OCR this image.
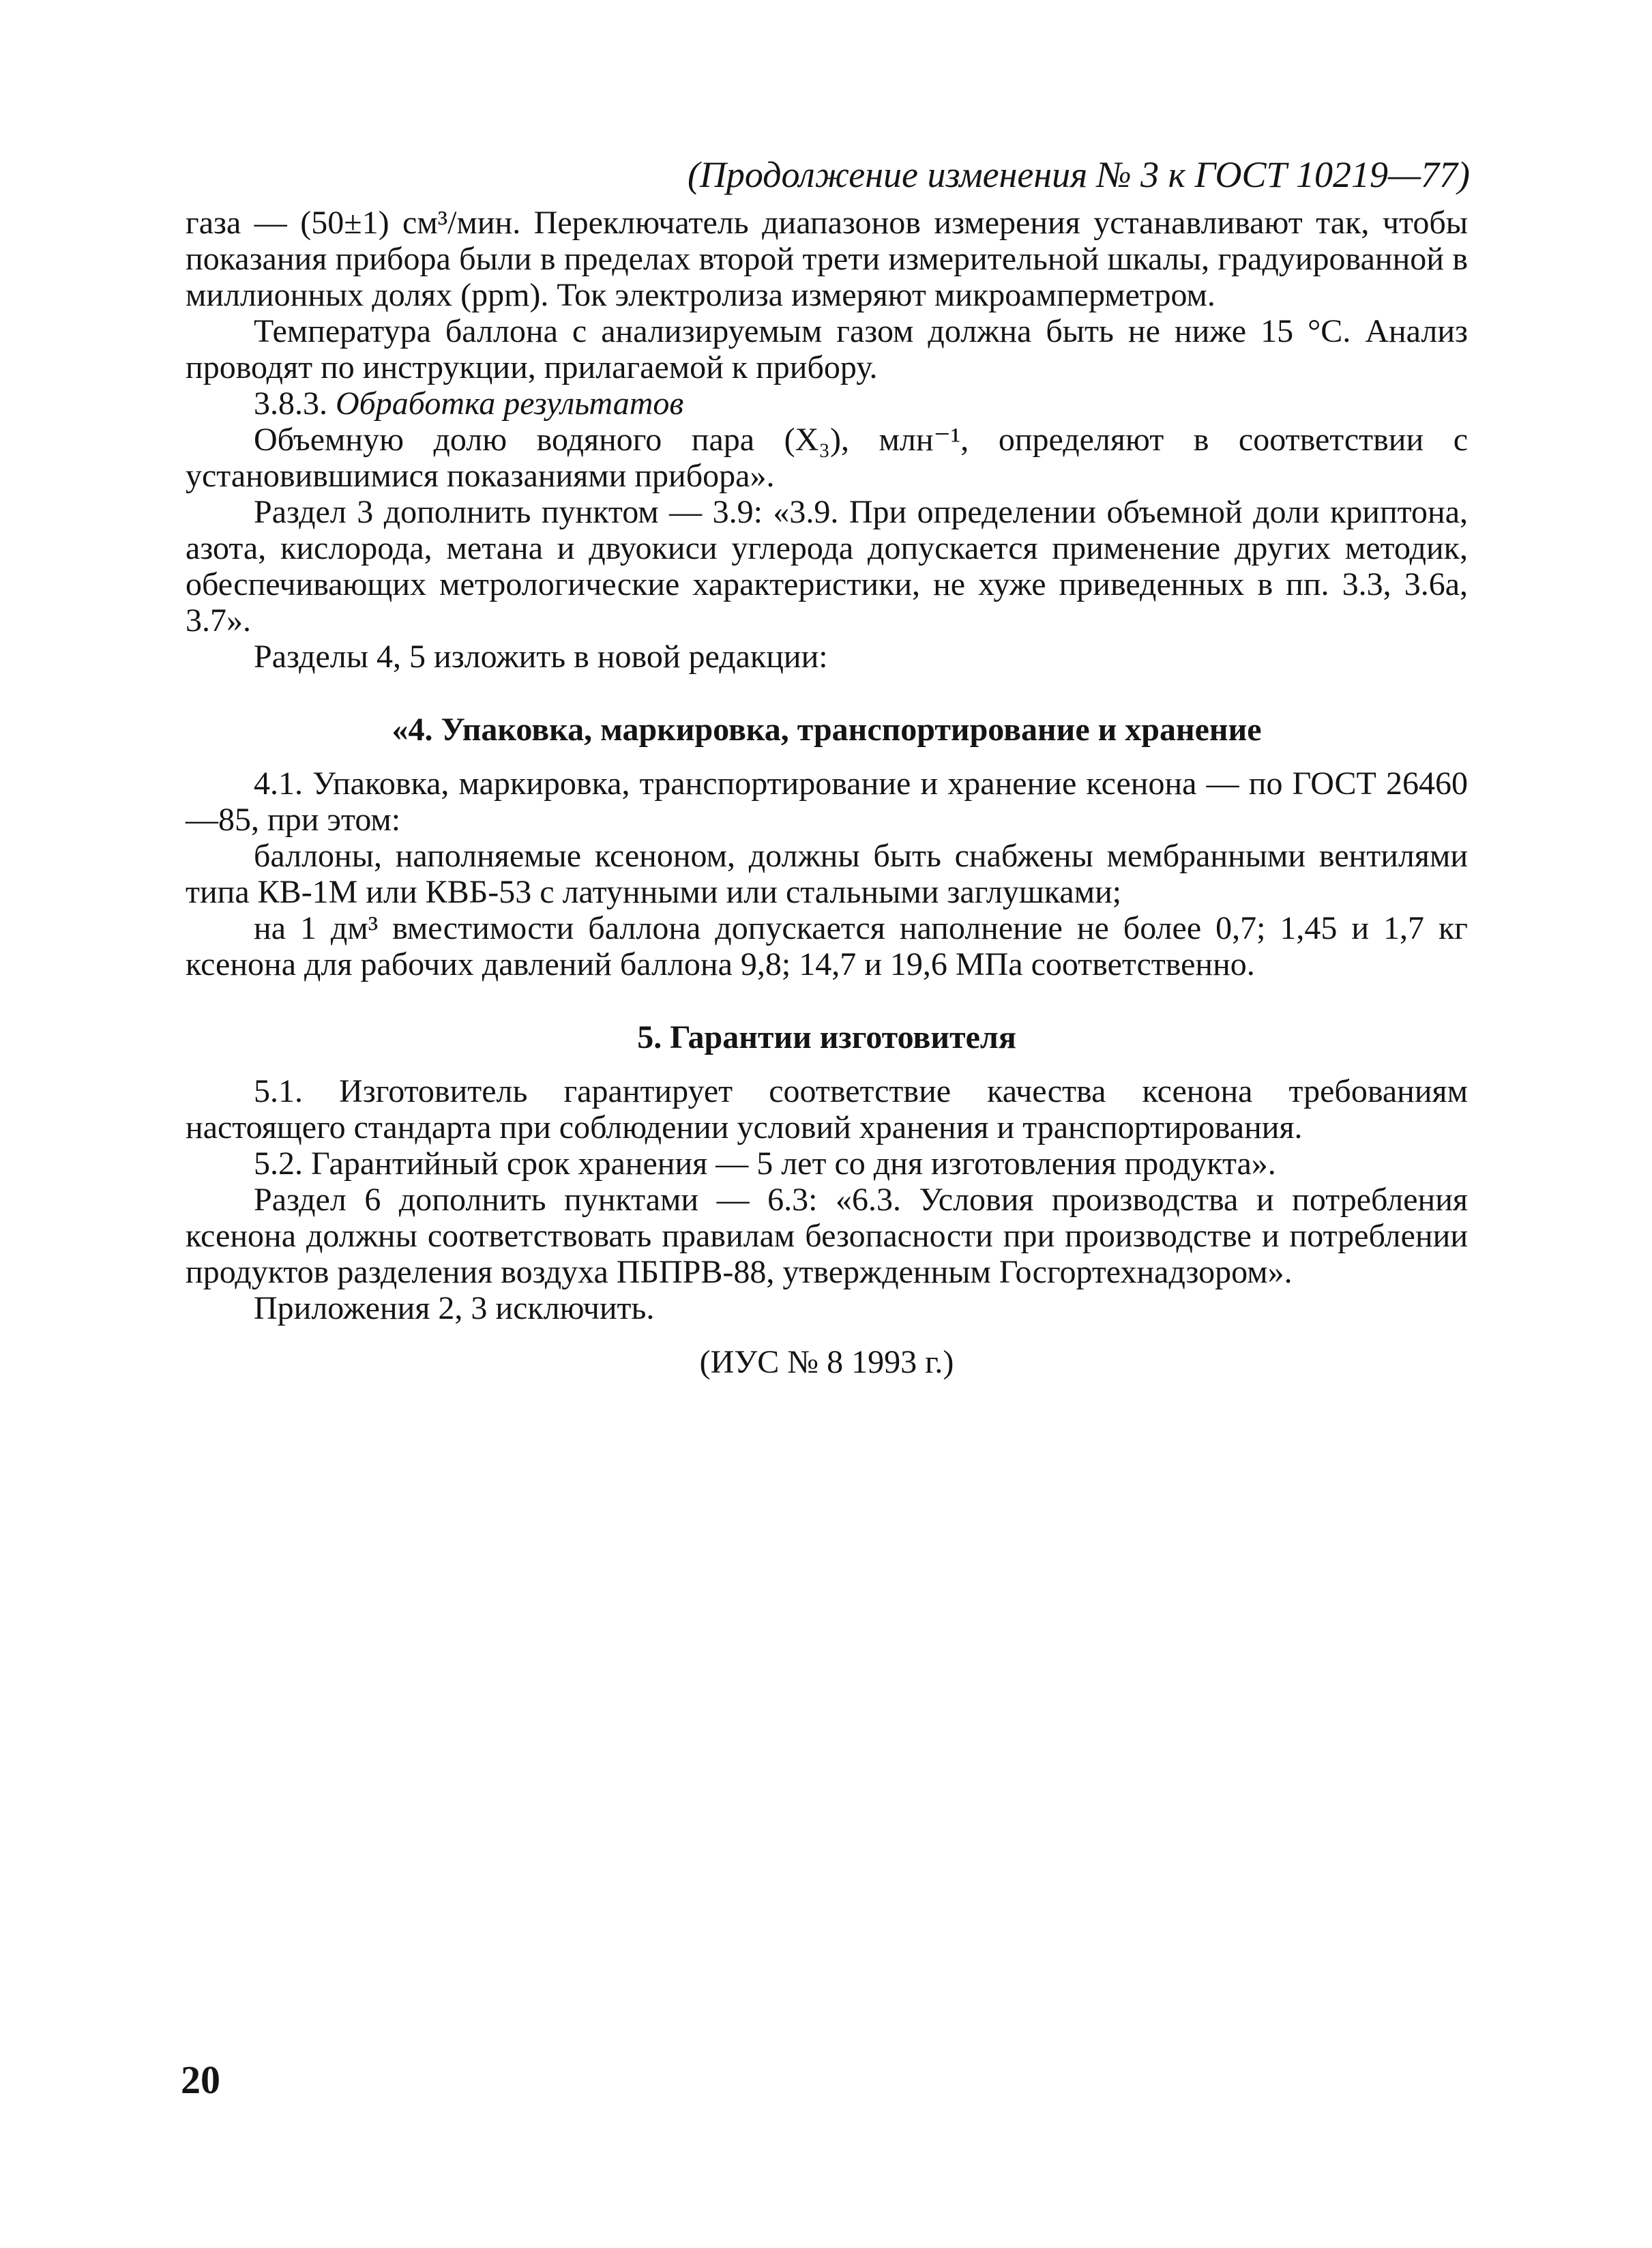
(Продолжение изменения № 3 к ГОСТ 10219—77)

газа — (50±1) см³/мин. Переключатель диапазонов измерения устанавливают так, чтобы показания прибора были в пределах второй трети измерительной шкалы, градуированной в миллионных долях (ppm). Ток электролиза измеряют микроамперметром.

Температура баллона с анализируемым газом должна быть не ниже 15 °С. Анализ проводят по инструкции, прилагаемой к прибору.

3.8.3. Обработка результатов

Объемную долю водяного пара (X₃), млн⁻¹, определяют в соответствии с установившимися показаниями прибора».

Раздел 3 дополнить пунктом — 3.9: «3.9. При определении объемной доли криптона, азота, кислорода, метана и двуокиси углерода допускается применение других методик, обеспечивающих метрологические характеристики, не хуже приведенных в пп. 3.3, 3.6а, 3.7».

Разделы 4, 5 изложить в новой редакции:

«4. Упаковка, маркировка, транспортирование и хранение

4.1. Упаковка, маркировка, транспортирование и хранение ксенона — по ГОСТ 26460—85, при этом:

баллоны, наполняемые ксеноном, должны быть снабжены мембранными вентилями типа КВ-1М или КВБ-53 с латунными или стальными заглушками;

на 1 дм³ вместимости баллона допускается наполнение не более 0,7; 1,45 и 1,7 кг ксенона для рабочих давлений баллона 9,8; 14,7 и 19,6 МПа соответственно.

5. Гарантии изготовителя

5.1. Изготовитель гарантирует соответствие качества ксенона требованиям настоящего стандарта при соблюдении условий хранения и транспортирования.

5.2. Гарантийный срок хранения — 5 лет со дня изготовления продукта».

Раздел 6 дополнить пунктами — 6.3: «6.3. Условия производства и потребления ксенона должны соответствовать правилам безопасности при производстве и потреблении продуктов разделения воздуха ПБПРВ-88, утвержденным Госгортехнадзором».

Приложения 2, 3 исключить.

(ИУС № 8 1993 г.)

20
